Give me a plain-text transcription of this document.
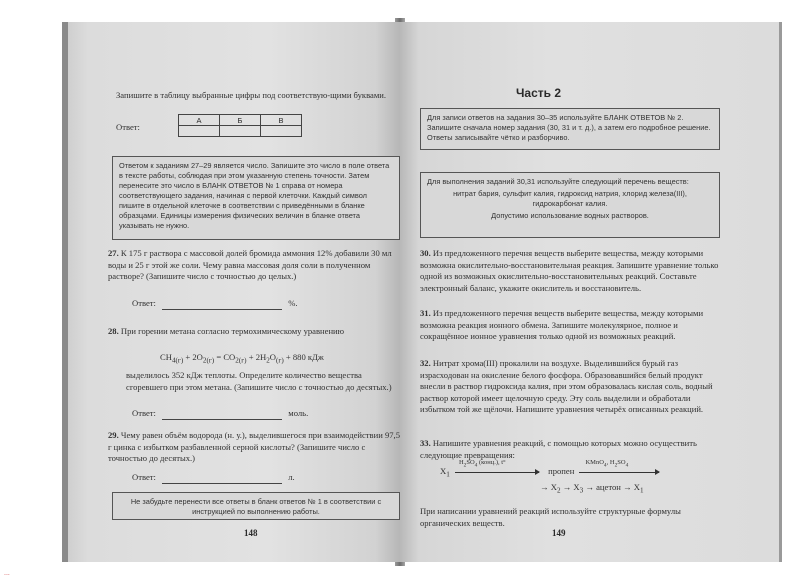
Запишите в таблицу выбранные цифры под соответствую-щими буквами.
Ответ:
А	Б	В

Ответом к заданиям 27–29 является число. Запишите это число в поле ответа в тексте работы, соблюдая при этом указанную степень точности. Затем перенесите это число в БЛАНК ОТВЕТОВ № 1 справа от номера соответствующего задания, начиная с первой клеточки. Каждый символ пишите в отдельной клеточке в соответствии с приведёнными в бланке образцами. Единицы измерения физических величин в бланке ответа указывать не нужно.
27. К 175 г раствора с массовой долей бромида аммония 12% добавили 30 мл воды и 25 г этой же соли. Чему равна массовая доля соли в полученном растворе? (Запишите число с точностью до целых.)
Ответ:	%.
28. При горении метана согласно термохимическому уравнению
$CH_{4(г)} + 2O_{2(г)} = CO_{2(г)} + 2H_2O_{(г)} + 880$ кДж
выделилось 352 кДж теплоты. Определите количество вещества сгоревшего при этом метана. (Запишите число с точностью до десятых.)
Ответ:	моль.
29. Чему равен объём водорода (н. у.), выделившегося при взаимодействии 97,5 г цинка с избытком разбавленной серной кислоты? (Запишите число с точностью до десятых.)
Ответ:	л.
Не забудьте перенести все ответы в бланк ответов № 1 в соответствии с инструкцией по выполнению работы.
148
Часть 2
Для записи ответов на задания 30–35 используйте БЛАНК ОТВЕТОВ № 2. Запишите сначала номер задания (30, 31 и т. д.), а затем его подробное решение. Ответы записывайте чётко и разборчиво.
Для выполнения заданий 30,31 используйте следующий перечень веществ:
нитрат бария, сульфит калия, гидроксид натрия, хлорид железа(III), гидрокарбонат калия.
Допустимо использование водных растворов.
30. Из предложенного перечня веществ выберите вещества, между которыми возможна окислительно-восстановительная реакция. Запишите уравнение только одной из возможных окислительно-восстановительных реакций. Составьте электронный баланс, укажите окислитель и восстановитель.
31. Из предложенного перечня веществ выберите вещества, между которыми возможна реакция ионного обмена. Запишите молекулярное, полное и сокращённое ионное уравнения только одной из возможных реакций.
32. Нитрат хрома(III) прокалили на воздухе. Выделившийся бурый газ израсходован на окисление белого фосфора. Образовавшийся белый продукт внесли в раствор гидроксида калия, при этом образовалась кислая соль, водный раствор которой имеет щелочную среду. Эту соль выделили и обработали избытком той же щёлочи. Напишите уравнения четырёх описанных реакций.
33. Напишите уравнения реакций, с помощью которых можно осуществить следующие превращения:
$X_1$
$H_2SO_4$ (конц.), t°
пропен
KMnO$_4$, $H_2SO_4$
→ $X_2 \to X_3$ → ацетон → $X_1$
При написании уравнений реакций используйте структурные формулы органических веществ.
149
...
